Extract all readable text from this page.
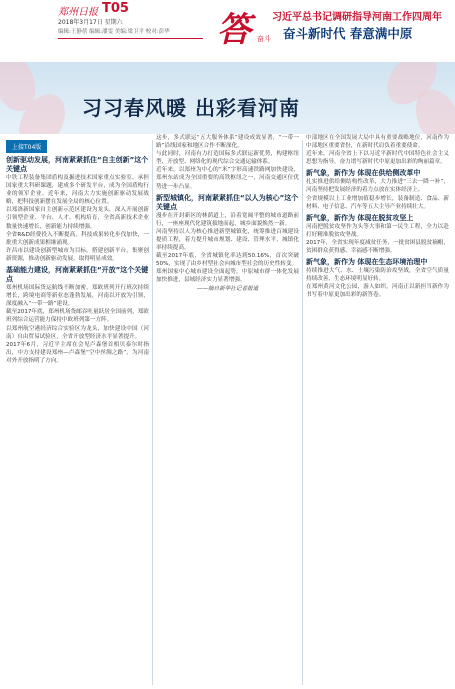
郑州日报 T05
2018年3月17日 星期六
编辑:王静蓓 编辑:潘雯 美编:梁卫平 校对:彭华 答 奋斗
习近平总书记调研指导河南工作四周年
奋斗新时代 春意满中原
习习春风暖 出彩看河南
上接T04版
创新驱动发展，河南紧紧抓住“自主创新”这个关键点

中铁工程装备集团盾构及掘进技术国家重点实验室，承担国家重大科研课题，建成多个研发平台，成为全国盾构行业的领军企业。近年来，河南大力实施创新驱动发展战略，把科技创新摆在发展全局的核心位置。

以郑洛新国家自主创新示范区建设为龙头，深入开展创新引领型企业、平台、人才、机构培育，全省高新技术企业数量快速增长，创新能力持续增强。

全省R&D经费投入不断提高，科技成果转化步伐加快，一批重大创新成果相继涌现。

许昌市以建设创新型城市为目标，搭建创新平台，集聚创新资源，推动创新驱动发展，取得明显成效。

基础能力建设，河南紧紧抓住“开放”这个关键点

郑州机场国际货运航线不断加密，郑欧班列开行班次持续增长，跨境电商等新业态蓬勃发展，河南以开放为引领，深度融入“一带一路”建设。

截至2017年底，郑州机场货邮吞吐量跃居全国前列，郑欧班列综合运营能力保持中欧班列第一方阵。

以郑州航空港经济综合实验区为龙头，加快建设中国（河南）自由贸易试验区，全省开放型经济水平显著提升。

2017年6月，习近平主席在会见卢森堡首相贝泰尔时指出，中方支持建设郑州—卢森堡“空中丝绸之路”，为河南对外开放指明了方向。

这步，多式联运“五大服务体系”建设成效显著，“一带一路”沿线国家和地区合作不断深化。

与此同时，河南有力打造国际多式联运新优势，构建枢纽型、开放型、网络化的现代综合交通运输体系。

近年来，以郑州为中心的“米”字形高速铁路网加快建设，郑州东站成为全国重要的高铁枢纽之一，河南交通区位优势进一步凸显。

新型城镇化，河南紧紧抓住“以人为核心”这个关键点

漫步在开封新区的林荫道上，沿着宽阔平整的城市道路前行，一座座现代化建筑拔地而起，城乡面貌焕然一新。

河南坚持以人为核心推进新型城镇化，统筹推进百城建设提质工程，着力提升城市规划、建设、管理水平，城镇化率持续提高。

截至2017年底，全省城镇化率达到50.16%，首次突破50%，实现了由乡村型社会向城市型社会的历史性转变。

郑州国家中心城市建设全面起势，中原城市群一体化发展加快推进，县域经济实力显著增强。

——摘自新华社记者报道

中部地区在全国发展大局中具有重要战略地位，河南作为中部地区重要省份，在新时代肩负着重要使命。

近年来，河南全省上下以习近平新时代中国特色社会主义思想为指导，奋力谱写新时代中原更加出彩的绚丽篇章。

新气象，新作为 体现在供给侧改革中

扎实推进供给侧结构性改革，大力推进“三去一降一补”，河南坚持把发展经济的着力点放在实体经济上。

全省规模以上工业增加值稳步增长，装备制造、食品、新材料、电子信息、汽车等五大主导产业持续壮大。

新气象，新作为 体现在脱贫攻坚上

河南把脱贫攻坚作为头等大事和第一民生工程，全力以赴打好精准脱贫攻坚战。

2017年，全省实现年度减贫任务，一批贫困县脱贫摘帽，贫困群众获得感、幸福感不断增强。

新气象，新作为 体现在生态环境治理中

持续推进大气、水、土壤污染防治攻坚战，全省空气质量持续改善，生态环境明显好转。

在郑州黄河文化公园，游人如织，河南正以新担当新作为书写着中原更加出彩的新答卷。
